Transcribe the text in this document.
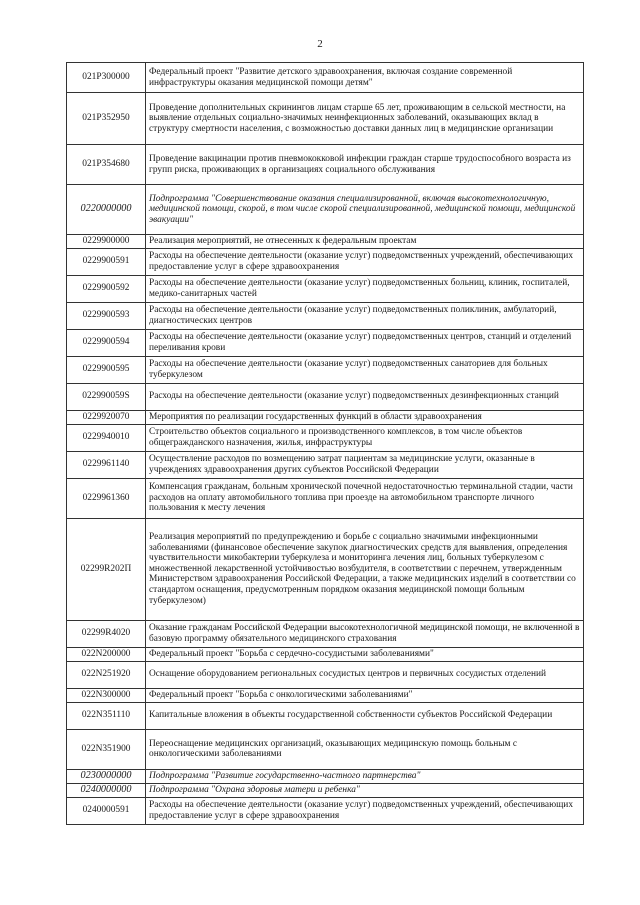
2
021P300000	Федеральный проект "Развитие детского здравоохранения, включая создание современной инфраструктуры оказания медицинской помощи детям"
021P352950	Проведение дополнительных скринингов лицам старше 65 лет, проживающим в сельской местности, на выявление отдельных социально-значимых неинфекционных заболеваний, оказывающих вклад в структуру смертности населения, с возможностью доставки данных лиц в медицинские организации
021P354680	Проведение вакцинации против пневмококковой инфекции граждан старше трудоспособного возраста из групп риска, проживающих в организациях социального обслуживания
0220000000	Подпрограмма "Совершенствование оказания специализированной, включая высокотехнологичную, медицинской помощи, скорой, в том числе скорой специализированной, медицинской помощи, медицинской эвакуации"
0229900000	Реализация мероприятий, не отнесенных к федеральным проектам
0229900591	Расходы на обеспечение деятельности (оказание услуг) подведомственных учреждений, обеспечивающих предоставление услуг в сфере здравоохранения
0229900592	Расходы на обеспечение деятельности (оказание услуг) подведомственных больниц, клиник, госпиталей, медико-санитарных частей
0229900593	Расходы на обеспечение деятельности (оказание услуг) подведомственных поликлиник, амбулаторий, диагностических центров
0229900594	Расходы на обеспечение деятельности (оказание услуг) подведомственных центров, станций и отделений переливания крови
0229900595	Расходы на обеспечение деятельности (оказание услуг) подведомственных санаториев для больных туберкулезом
022990059S	Расходы на обеспечение деятельности (оказание услуг) подведомственных дезинфекционных станций
0229920070	Мероприятия по реализации государственных функций в области здравоохранения
0229940010	Строительство объектов социального и производственного комплексов, в том числе объектов общегражданского назначения, жилья, инфраструктуры
0229961140	Осуществление расходов по возмещению затрат пациентам за медицинские услуги, оказанные в учреждениях здравоохранения других субъектов Российской Федерации
0229961360	Компенсация гражданам, больным хронической почечной недостаточностью терминальной стадии, части расходов на оплату автомобильного топлива при проезде на автомобильном транспорте личного пользования к месту лечения
02299R202П	Реализация мероприятий по предупреждению и борьбе с социально значимыми инфекционными заболеваниями (финансовое обеспечение закупок диагностических средств для выявления, определения чувствительности микобактерии туберкулеза и мониторинга лечения лиц, больных туберкулезом с множественной лекарственной устойчивостью возбудителя, в соответствии с перечнем, утвержденным Министерством здравоохранения Российской Федерации, а также медицинских изделий в соответствии со стандартом оснащения, предусмотренным порядком оказания медицинской помощи больным туберкулезом)
02299R4020	Оказание гражданам Российской Федерации высокотехнологичной медицинской помощи, не включенной в базовую программу обязательного медицинского страхования
022N200000	Федеральный проект "Борьба с сердечно-сосудистыми заболеваниями"
022N251920	Оснащение оборудованием региональных сосудистых центров и первичных сосудистых отделений
022N300000	Федеральный проект "Борьба с онкологическими заболеваниями"
022N351110	Капитальные вложения в объекты государственной собственности субъектов Российской Федерации
022N351900	Переоснащение медицинских организаций, оказывающих медицинскую помощь больным с онкологическими заболеваниями
0230000000	Подпрограмма "Развитие государственно-частного партнерства"
0240000000	Подпрограмма "Охрана здоровья матери и ребенка"
0240000591	Расходы на обеспечение деятельности (оказание услуг) подведомственных учреждений, обеспечивающих предоставление услуг в сфере здравоохранения
